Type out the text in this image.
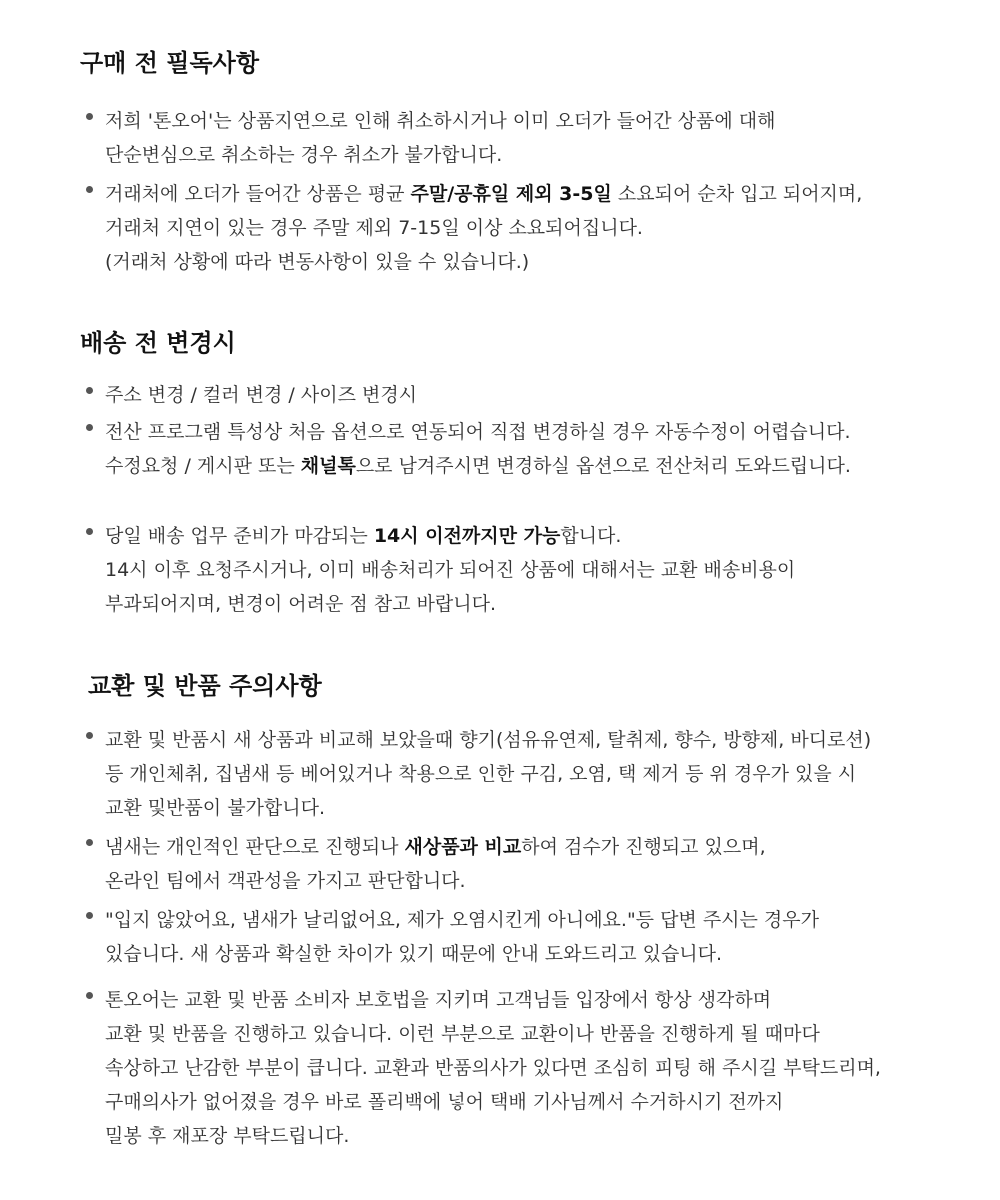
구매 전 필독사항
저희 '톤오어'는 상품지연으로 인해 취소하시거나 이미 오더가 들어간 상품에 대해
단순변심으로 취소하는 경우 취소가 불가합니다.
거래처에 오더가 들어간 상품은 평균 주말/공휴일 제외 3-5일 소요되어 순차 입고 되어지며,
거래처 지연이 있는 경우 주말 제외 7-15일 이상 소요되어집니다.
(거래처 상황에 따라 변동사항이 있을 수 있습니다.)
배송 전 변경시
주소 변경 / 컬러 변경 / 사이즈 변경시
전산 프로그램 특성상 처음 옵션으로 연동되어 직접 변경하실 경우 자동수정이 어렵습니다.
수정요청 / 게시판 또는 채널톡으로 남겨주시면 변경하실 옵션으로 전산처리 도와드립니다.
당일 배송 업무 준비가 마감되는 14시 이전까지만 가능합니다.
14시 이후 요청주시거나, 이미 배송처리가 되어진 상품에 대해서는 교환 배송비용이
부과되어지며, 변경이 어려운 점 참고 바랍니다.
교환 및 반품 주의사항
교환 및 반품시 새 상품과 비교해 보았을때 향기(섬유유연제, 탈취제, 향수, 방향제, 바디로션)
등 개인체취, 집냄새 등 베어있거나 착용으로 인한 구김, 오염, 택 제거 등 위 경우가 있을 시
교환 및반품이 불가합니다.
냄새는 개인적인 판단으로 진행되나 새상품과 비교하여 검수가 진행되고 있으며,
온라인 팀에서 객관성을 가지고 판단합니다.
"입지 않았어요, 냄새가 날리없어요, 제가 오염시킨게 아니에요."등 답변 주시는 경우가
있습니다. 새 상품과 확실한 차이가 있기 때문에 안내 도와드리고 있습니다.
톤오어는 교환 및 반품 소비자 보호법을 지키며 고객님들 입장에서 항상 생각하며
교환 및 반품을 진행하고 있습니다. 이런 부분으로 교환이나 반품을 진행하게 될 때마다
속상하고 난감한 부분이 큽니다. 교환과 반품의사가 있다면 조심히 피팅 해 주시길 부탁드리며,
구매의사가 없어졌을 경우 바로 폴리백에 넣어 택배 기사님께서 수거하시기 전까지
밀봉 후 재포장 부탁드립니다.
